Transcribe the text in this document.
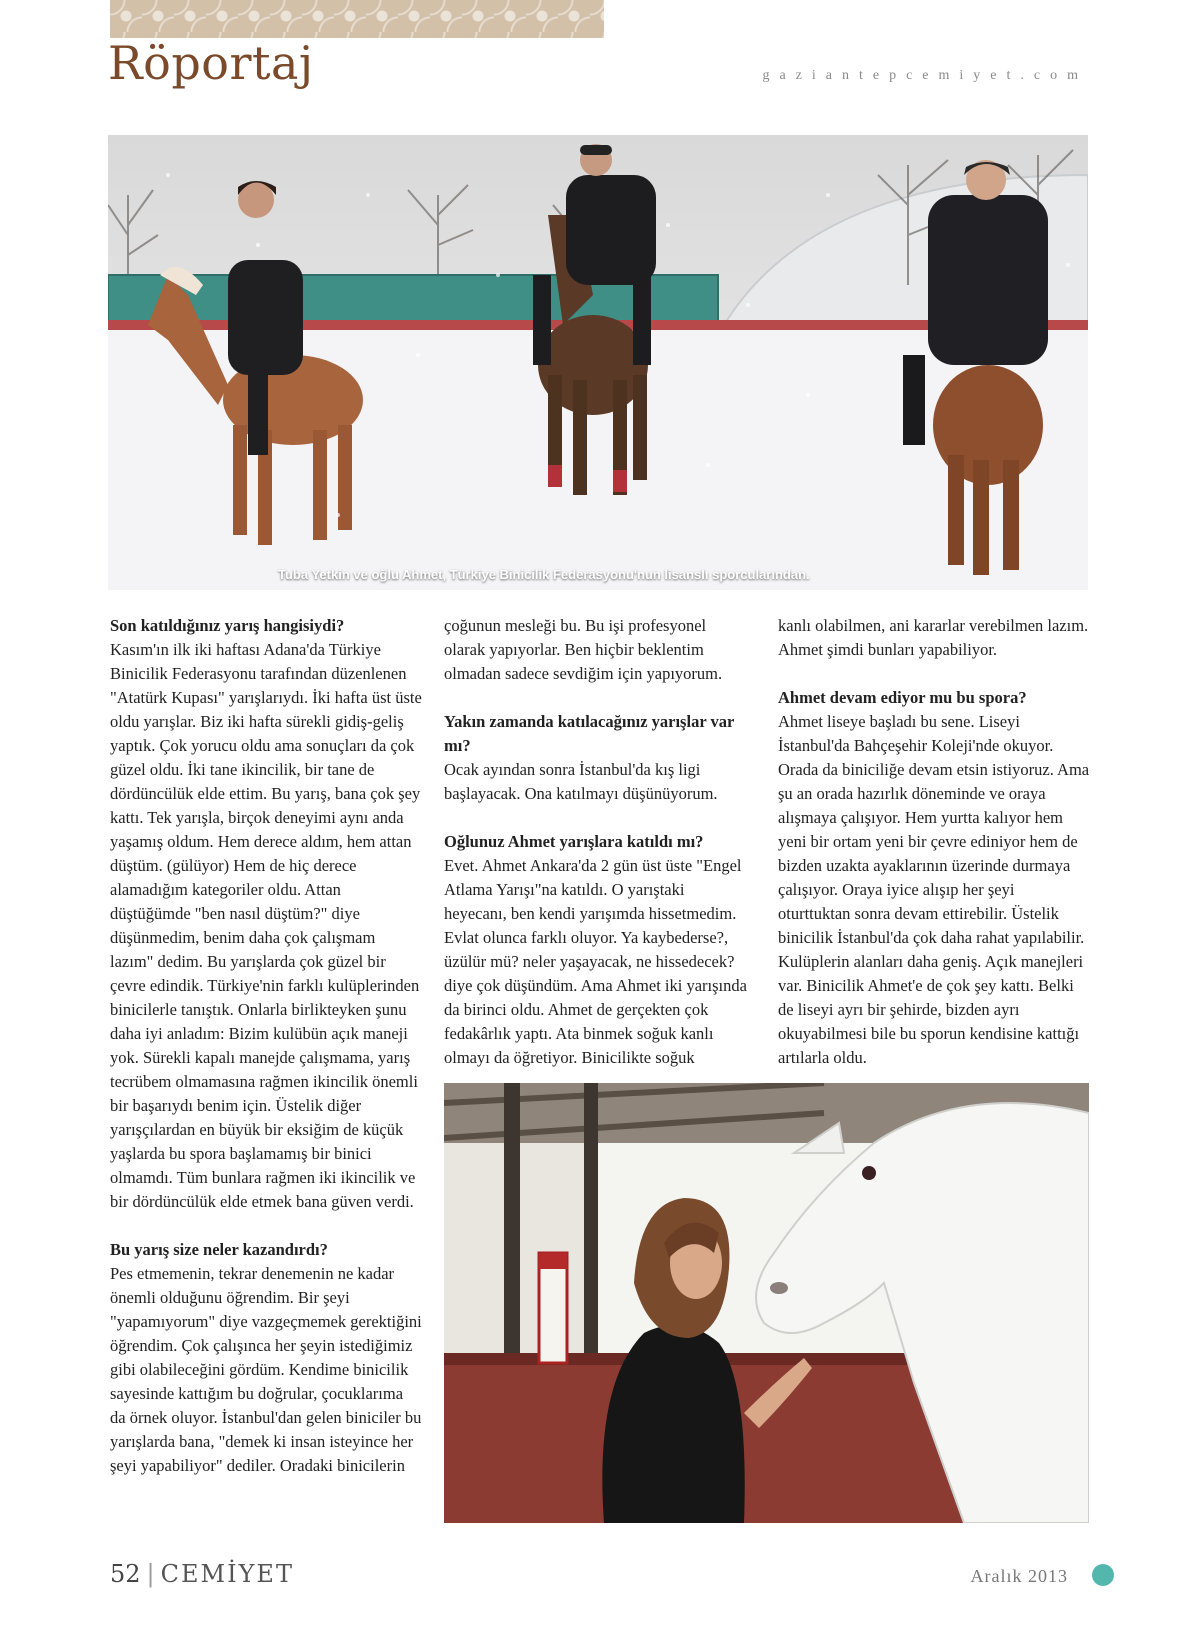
Röportaj	gaziantepcemiyet.com
Tuba Yetkin ve oğlu Ahmet, Türkiye Binicilik Federasyonu'nun lisanslı sporcularından.

Son katıldığınız yarış hangisiydi?

Kasım'ın ilk iki haftası Adana'da Türkiye Binicilik Federasyonu tarafından düzenlenen "Atatürk Kupası" yarışlarıydı. İki hafta üst üste oldu yarışlar. Biz iki hafta sürekli gidiş-geliş yaptık. Çok yorucu oldu ama sonuçları da çok güzel oldu. İki tane ikincilik, bir tane de dördüncülük elde ettim. Bu yarış, bana çok şey kattı. Tek yarışla, birçok deneyimi aynı anda yaşamış oldum. Hem derece aldım, hem attan düştüm. (gülüyor) Hem de hiç derece alamadığım kategoriler oldu. Attan düştüğümde "ben nasıl düştüm?" diye düşünmedim, benim daha çok çalışmam lazım" dedim. Bu yarışlarda çok güzel bir çevre edindik. Türkiye'nin farklı kulüplerinden binicilerle tanıştık. Onlarla birlikteyken şunu daha iyi anladım: Bizim kulübün açık maneji yok. Sürekli kapalı manejde çalışmama, yarış tecrübem olmamasına rağmen ikincilik önemli bir başarıydı benim için. Üstelik diğer yarışçılardan en büyük bir eksiğim de küçük yaşlarda bu spora başlamamış bir binici olmamdı. Tüm bunlara rağmen iki ikincilik ve bir dördüncülük elde etmek bana güven verdi.

Bu yarış size neler kazandırdı?

Pes etmemenin, tekrar denemenin ne kadar önemli olduğunu öğrendim. Bir şeyi "yapamıyorum" diye vazgeçmemek gerektiğini öğrendim. Çok çalışınca her şeyin istediğimiz gibi olabileceğini gördüm. Kendime binicilik sayesinde kattığım bu doğrular, çocuklarıma da örnek oluyor. İstanbul'dan gelen biniciler bu yarışlarda bana, "demek ki insan isteyince her şeyi yapabiliyor" dediler. Oradaki binicilerin

çoğunun mesleği bu. Bu işi profesyonel olarak yapıyorlar. Ben hiçbir beklentim olmadan sadece sevdiğim için yapıyorum.

Yakın zamanda katılacağınız yarışlar var mı?

Ocak ayından sonra İstanbul'da kış ligi başlayacak. Ona katılmayı düşünüyorum.

Oğlunuz Ahmet yarışlara katıldı mı?

Evet. Ahmet Ankara'da 2 gün üst üste "Engel Atlama Yarışı"na katıldı. O yarıştaki heyecanı, ben kendi yarışımda hissetmedim. Evlat olunca farklı oluyor. Ya kaybederse?, üzülür mü? neler yaşayacak, ne hissedecek? diye çok düşündüm. Ama Ahmet iki yarışında da birinci oldu. Ahmet de gerçekten çok fedakârlık yaptı. Ata binmek soğuk kanlı olmayı da öğretiyor. Binicilikte soğuk

kanlı olabilmen, ani kararlar verebilmen lazım. Ahmet şimdi bunları yapabiliyor.

Ahmet devam ediyor mu bu spora?

Ahmet liseye başladı bu sene. Liseyi İstanbul'da Bahçeşehir Koleji'nde okuyor. Orada da biniciliğe devam etsin istiyoruz. Ama şu an orada hazırlık döneminde ve oraya alışmaya çalışıyor. Hem yurtta kalıyor hem yeni bir ortam yeni bir çevre ediniyor hem de bizden uzakta ayaklarının üzerinde durmaya çalışıyor. Oraya iyice alışıp her şeyi oturttuktan sonra devam ettirebilir. Üstelik binicilik İstanbul'da çok daha rahat yapılabilir. Kulüplerin alanları daha geniş. Açık manejleri var. Binicilik Ahmet'e de çok şey kattı. Belki de liseyi ayrı bir şehirde, bizden ayrı okuyabilmesi bile bu sporun kendisine kattığı artılarla oldu.

52 | CEMİYET	Aralık 2013
